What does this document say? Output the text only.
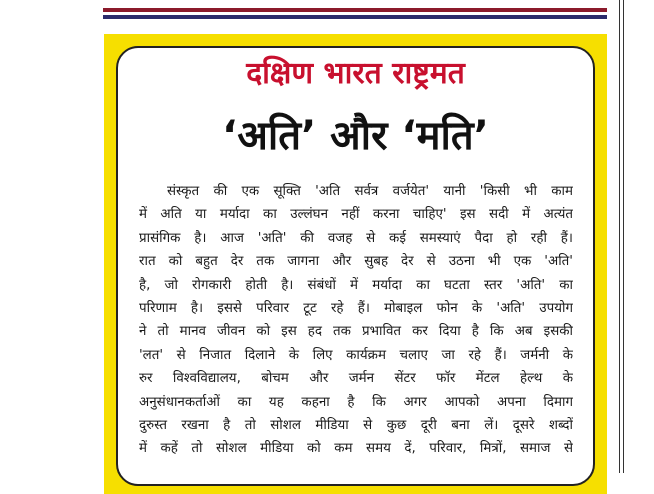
दक्षिण भारत राष्ट्रमत
‘अति’ और ‘मति’
संस्कृत की एक सूक्ति 'अति सर्वत्र वर्जयेत' यानी 'किसी भी काम
में अति या मर्यादा का उल्लंघन नहीं करना चाहिए' इस सदी में अत्यंत
प्रासंगिक है। आज 'अति' की वजह से कई समस्याएं पैदा हो रही हैं।
रात को बहुत देर तक जागना और सुबह देर से उठना भी एक 'अति'
है, जो रोगकारी होती है। संबंधों में मर्यादा का घटता स्तर 'अति' का
परिणाम है। इससे परिवार टूट रहे हैं। मोबाइल फोन के 'अति' उपयोग
ने तो मानव जीवन को इस हद तक प्रभावित कर दिया है कि अब इसकी
'लत' से निजात दिलाने के लिए कार्यक्रम चलाए जा रहे हैं। जर्मनी के
रुर विश्वविद्यालय, बोचम और जर्मन सेंटर फॉर मेंटल हेल्थ के
अनुसंधानकर्ताओं का यह कहना है कि अगर आपको अपना दिमाग
दुरुस्त रखना है तो सोशल मीडिया से कुछ दूरी बना लें। दूसरे शब्दों
में कहें तो सोशल मीडिया को कम समय दें, परिवार, मित्रों, समाज से
